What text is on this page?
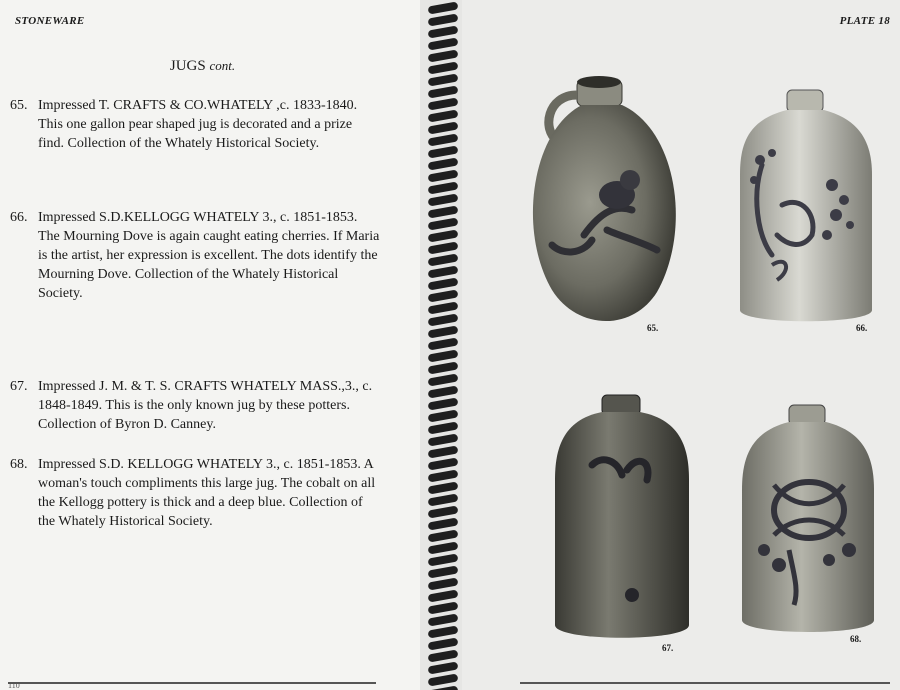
STONEWARE
JUGS cont.
65. Impressed T. CRAFTS & CO.WHATELY ,c. 1833-1840. This one gallon pear shaped jug is decorated and a prize find. Collection of the Whately Historical Society.
66. Impressed S.D.KELLOGG WHATELY 3., c. 1851-1853. The Mourning Dove is again caught eating cherries. If Maria is the artist, her expression is excellent. The dots identify the Mourning Dove. Collection of the Whately Historical Society.
67. Impressed J. M. & T. S. CRAFTS WHATELY MASS.,3., c. 1848-1849. This is the only known jug by these potters. Collection of Byron D. Canney.
68. Impressed S.D. KELLOGG WHATELY 3., c. 1851-1853. A woman's touch compliments this large jug. The cobalt on all the Kellogg pottery is thick and a deep blue. Collection of the Whately Historical Society.
110
PLATE 18
65.	66.
67.
68.
